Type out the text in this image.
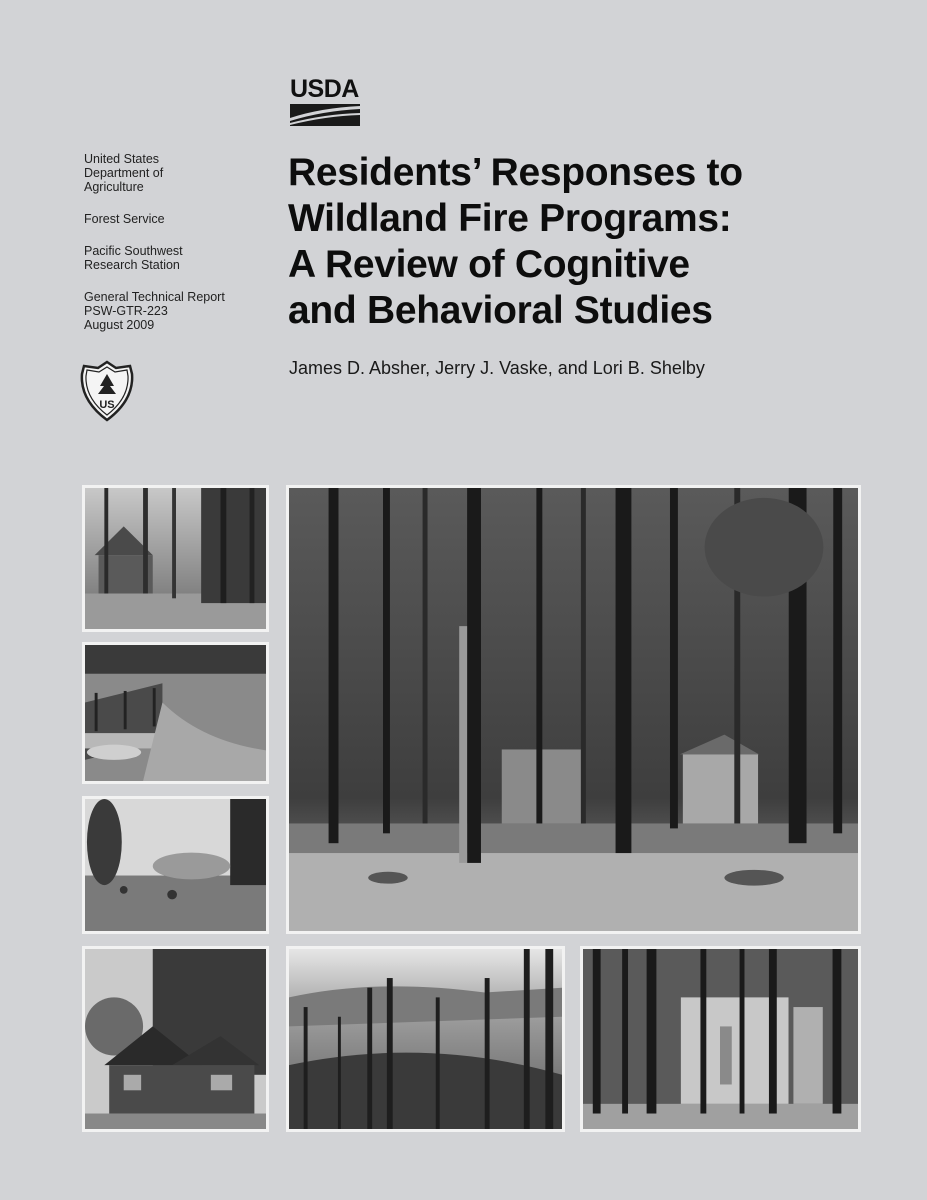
USDA

United States
Department of
Agriculture

Forest Service

Pacific Southwest
Research Station

General Technical Report
PSW-GTR-223
August 2009

US
Residents’ Responses to
Wildland Fire Programs:
A Review of Cognitive
and Behavioral Studies
James D. Absher, Jerry J. Vaske, and Lori B. Shelby
